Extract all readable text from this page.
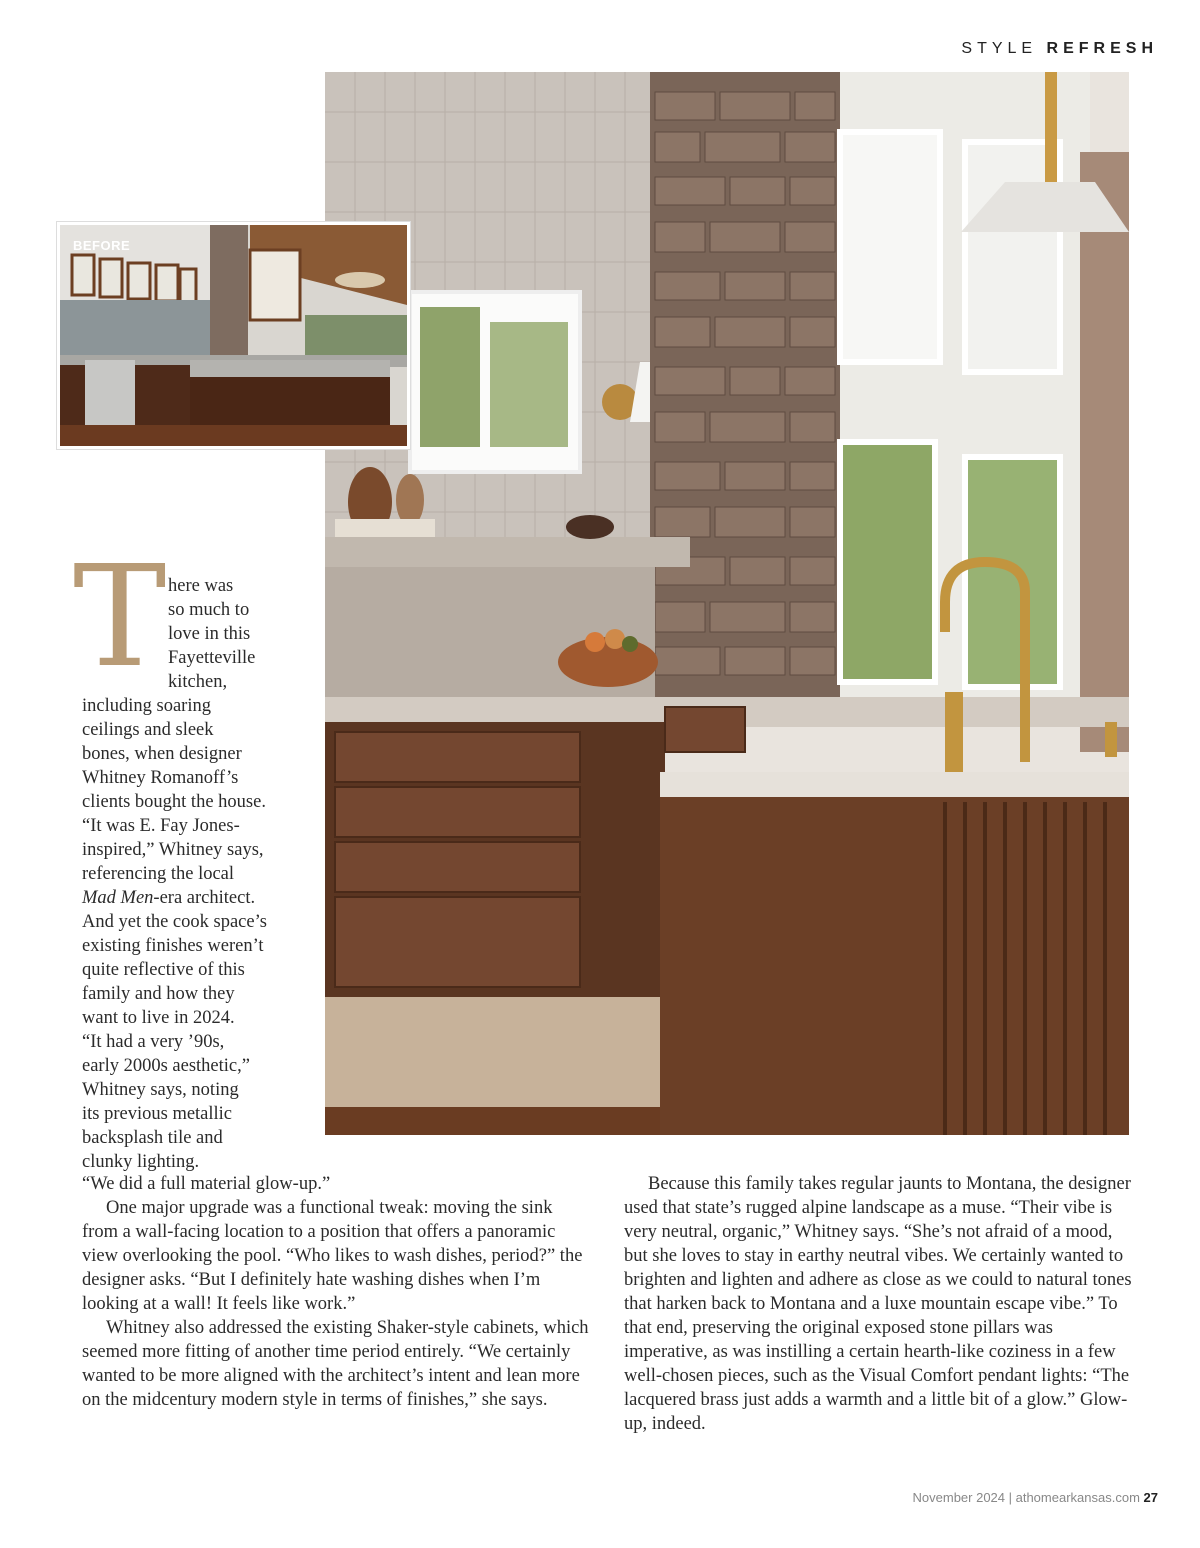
STYLE REFRESH
BEFORE
T here was
so much to
love in this
Fayetteville
kitchen,
including soaring
ceilings and sleek
bones, when designer
Whitney Romanoff’s
clients bought the house.
“It was E. Fay Jones-
inspired,” Whitney says,
referencing the local
Mad Men-era architect.
And yet the cook space’s
existing finishes weren’t
quite reflective of this
family and how they
want to live in 2024.
“It had a very ’90s,
early 2000s aesthetic,”
Whitney says, noting
its previous metallic
backsplash tile and
clunky lighting.

“We did a full material glow-up.”

One major upgrade was a functional tweak: moving the sink from a wall-facing location to a position that offers a panoramic view overlooking the pool. “Who likes to wash dishes, period?” the designer asks. “But I definitely hate washing dishes when I’m looking at a wall! It feels like work.”

Whitney also addressed the existing Shaker-style cabinets, which seemed more fitting of another time period entirely. “We certainly wanted to be more aligned with the architect’s intent and lean more on the midcentury modern style in terms of finishes,” she says.

Because this family takes regular jaunts to Montana, the designer used that state’s rugged alpine landscape as a muse. “Their vibe is very neutral, organic,” Whitney says. “She’s not afraid of a mood, but she loves to stay in earthy neutral vibes. We certainly wanted to brighten and lighten and adhere as close as we could to natural tones that harken back to Montana and a luxe mountain escape vibe.” To that end, preserving the original exposed stone pillars was imperative, as was instilling a certain hearth-like coziness in a few well-chosen pieces, such as the Visual Comfort pendant lights: “The lacquered brass just adds a warmth and a little bit of a glow.” Glow-up, indeed.

November 2024 | athomearkansas.com 27
